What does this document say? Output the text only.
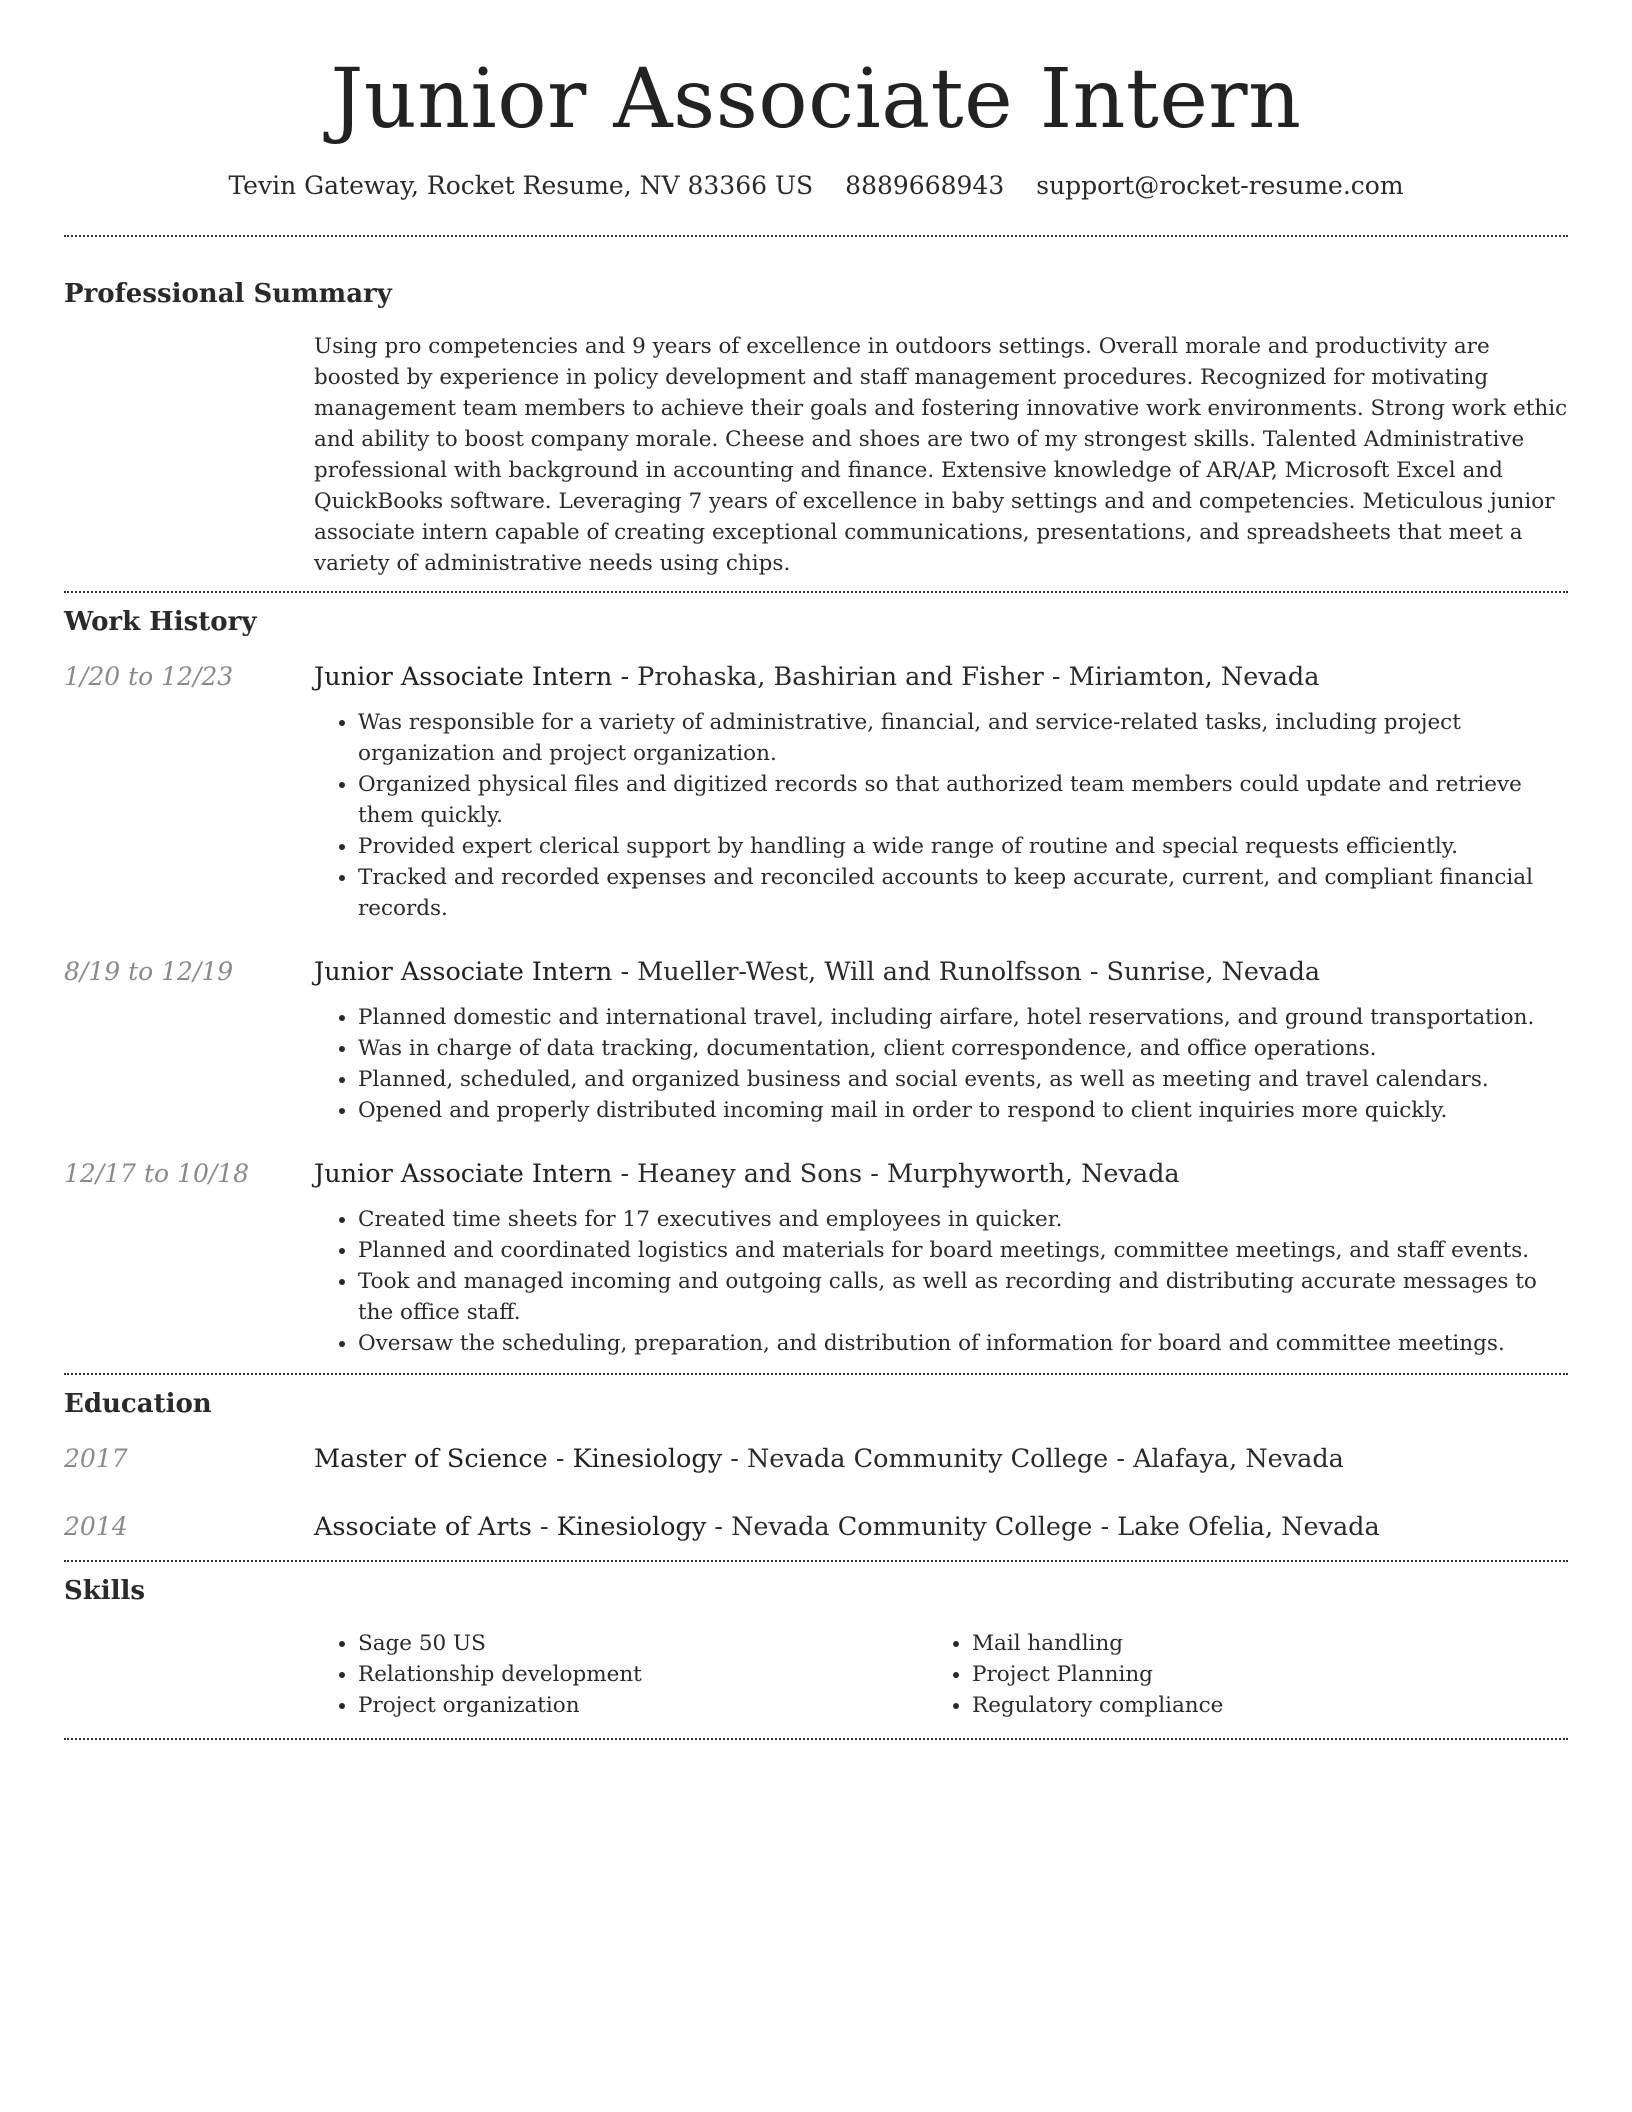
Junior Associate Intern
Tevin Gateway, Rocket Resume, NV 83366 US 8889668943 support@rocket-resume.com
Professional Summary

Using pro competencies and 9 years of excellence in outdoors settings. Overall morale and productivity are boosted by experience in policy development and staff management procedures. Recognized for motivating management team members to achieve their goals and fostering innovative work environments. Strong work ethic and ability to boost company morale. Cheese and shoes are two of my strongest skills. Talented Administrative professional with background in accounting and finance. Extensive knowledge of AR/AP, Microsoft Excel and QuickBooks software. Leveraging 7 years of excellence in baby settings and and competencies. Meticulous junior associate intern capable of creating exceptional communications, presentations, and spreadsheets that meet a variety of administrative needs using chips.

Work History
1/20 to 12/23	Junior Associate Intern - Prohaska, Bashirian and Fisher - Miriamton, Nevada
• Was responsible for a variety of administrative, financial, and service-related tasks, including project organization and project organization.
• Organized physical files and digitized records so that authorized team members could update and retrieve them quickly.
• Provided expert clerical support by handling a wide range of routine and special requests efficiently.
• Tracked and recorded expenses and reconciled accounts to keep accurate, current, and compliant financial records.
8/19 to 12/19	Junior Associate Intern - Mueller-West, Will and Runolfsson - Sunrise, Nevada
• Planned domestic and international travel, including airfare, hotel reservations, and ground transportation.
• Was in charge of data tracking, documentation, client correspondence, and office operations.
• Planned, scheduled, and organized business and social events, as well as meeting and travel calendars.
• Opened and properly distributed incoming mail in order to respond to client inquiries more quickly.
12/17 to 10/18	Junior Associate Intern - Heaney and Sons - Murphyworth, Nevada
• Created time sheets for 17 executives and employees in quicker.
• Planned and coordinated logistics and materials for board meetings, committee meetings, and staff events.
• Took and managed incoming and outgoing calls, as well as recording and distributing accurate messages to the office staff.
• Oversaw the scheduling, preparation, and distribution of information for board and committee meetings.
Education
2017	Master of Science - Kinesiology - Nevada Community College - Alafaya, Nevada
2014	Associate of Arts - Kinesiology - Nevada Community College - Lake Ofelia, Nevada
Skills
• Sage 50 US
• Relationship development
• Project organization
• Mail handling
• Project Planning
• Regulatory compliance
